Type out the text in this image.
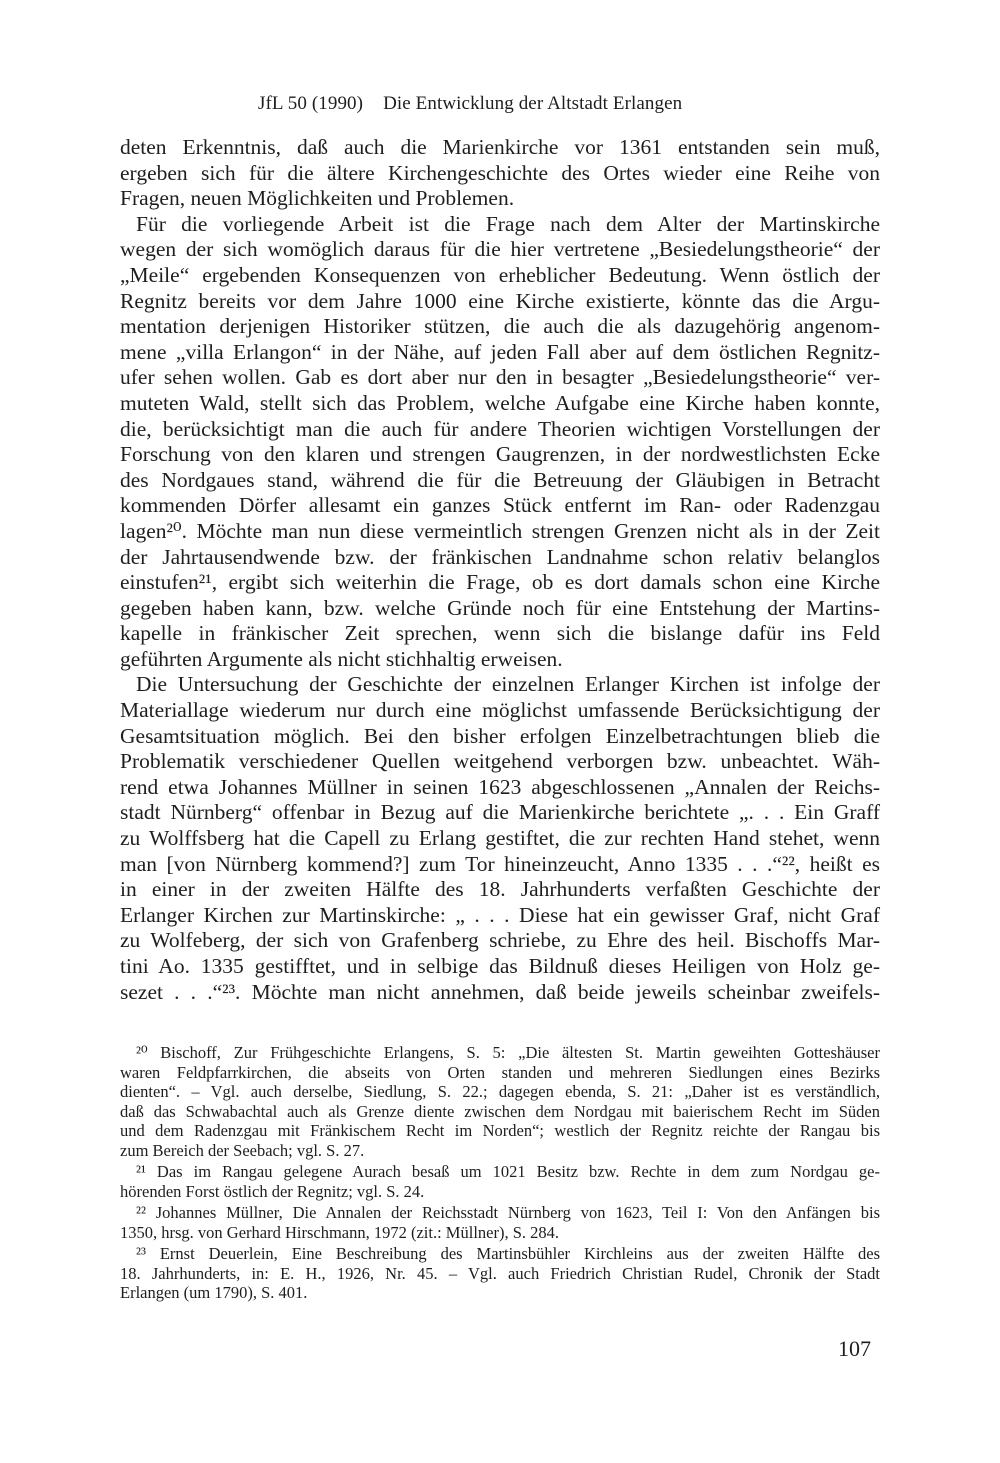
JfL 50 (1990) Die Entwicklung der Altstadt Erlangen
deten Erkenntnis, daß auch die Marienkirche vor 1361 entstanden sein muß,
ergeben sich für die ältere Kirchengeschichte des Ortes wieder eine Reihe von
Fragen, neuen Möglichkeiten und Problemen.
Für die vorliegende Arbeit ist die Frage nach dem Alter der Martinskirche
wegen der sich womöglich daraus für die hier vertretene „Besiedelungstheorie“ der
„Meile“ ergebenden Konsequenzen von erheblicher Bedeutung. Wenn östlich der
Regnitz bereits vor dem Jahre 1000 eine Kirche existierte, könnte das die Argu-
mentation derjenigen Historiker stützen, die auch die als dazugehörig angenom-
mene „villa Erlangon“ in der Nähe, auf jeden Fall aber auf dem östlichen Regnitz-
ufer sehen wollen. Gab es dort aber nur den in besagter „Besiedelungstheorie“ ver-
muteten Wald, stellt sich das Problem, welche Aufgabe eine Kirche haben konnte,
die, berücksichtigt man die auch für andere Theorien wichtigen Vorstellungen der
Forschung von den klaren und strengen Gaugrenzen, in der nordwestlichsten Ecke
des Nordgaues stand, während die für die Betreuung der Gläubigen in Betracht
kommenden Dörfer allesamt ein ganzes Stück entfernt im Ran- oder Radenzgau
lagen²⁰. Möchte man nun diese vermeintlich strengen Grenzen nicht als in der Zeit
der Jahrtausendwende bzw. der fränkischen Landnahme schon relativ belanglos
einstufen²¹, ergibt sich weiterhin die Frage, ob es dort damals schon eine Kirche
gegeben haben kann, bzw. welche Gründe noch für eine Entstehung der Martins-
kapelle in fränkischer Zeit sprechen, wenn sich die bislange dafür ins Feld
geführten Argumente als nicht stichhaltig erweisen.
Die Untersuchung der Geschichte der einzelnen Erlanger Kirchen ist infolge der
Materiallage wiederum nur durch eine möglichst umfassende Berücksichtigung der
Gesamtsituation möglich. Bei den bisher erfolgen Einzelbetrachtungen blieb die
Problematik verschiedener Quellen weitgehend verborgen bzw. unbeachtet. Wäh-
rend etwa Johannes Müllner in seinen 1623 abgeschlossenen „Annalen der Reichs-
stadt Nürnberg“ offenbar in Bezug auf die Marienkirche berichtete „. . . Ein Graff
zu Wolffsberg hat die Capell zu Erlang gestiftet, die zur rechten Hand stehet, wenn
man [von Nürnberg kommend?] zum Tor hineinzeucht, Anno 1335 . . .“²², heißt es
in einer in der zweiten Hälfte des 18. Jahrhunderts verfaßten Geschichte der
Erlanger Kirchen zur Martinskirche: „ . . . Diese hat ein gewisser Graf, nicht Graf
zu Wolfeberg, der sich von Grafenberg schriebe, zu Ehre des heil. Bischoffs Mar-
tini Ao. 1335 gestifftet, und in selbige das Bildnuß dieses Heiligen von Holz ge-
sezet . . .“²³. Möchte man nicht annehmen, daß beide jeweils scheinbar zweifels-
²⁰ Bischoff, Zur Frühgeschichte Erlangens, S. 5: „Die ältesten St. Martin geweihten Gotteshäuser
waren Feldpfarrkirchen, die abseits von Orten standen und mehreren Siedlungen eines Bezirks
dienten“. – Vgl. auch derselbe, Siedlung, S. 22.; dagegen ebenda, S. 21: „Daher ist es verständlich,
daß das Schwabachtal auch als Grenze diente zwischen dem Nordgau mit baierischem Recht im Süden
und dem Radenzgau mit Fränkischem Recht im Norden“; westlich der Regnitz reichte der Rangau bis
zum Bereich der Seebach; vgl. S. 27.
²¹ Das im Rangau gelegene Aurach besaß um 1021 Besitz bzw. Rechte in dem zum Nordgau ge-
hörenden Forst östlich der Regnitz; vgl. S. 24.
²² Johannes Müllner, Die Annalen der Reichsstadt Nürnberg von 1623, Teil I: Von den Anfängen bis
1350, hrsg. von Gerhard Hirschmann, 1972 (zit.: Müllner), S. 284.
²³ Ernst Deuerlein, Eine Beschreibung des Martinsbühler Kirchleins aus der zweiten Hälfte des
18. Jahrhunderts, in: E. H., 1926, Nr. 45. – Vgl. auch Friedrich Christian Rudel, Chronik der Stadt
Erlangen (um 1790), S. 401.
107
